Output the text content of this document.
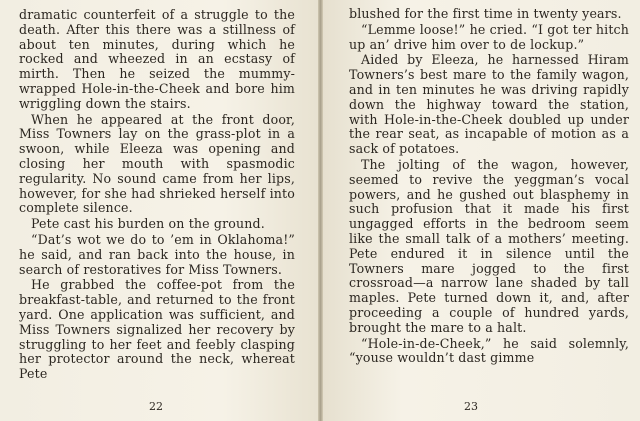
dramatic counterfeit of a struggle to the death. After this there was a stillness of about ten minutes, during which he rocked and wheezed in an ecstasy of mirth. Then he seized the mummy-wrapped Hole-in-the-Cheek and bore him wriggling down the stairs.

When he appeared at the front door, Miss Towners lay on the grass-plot in a swoon, while Eleeza was opening and closing her mouth with spasmodic regularity. No sound came from her lips, however, for she had shrieked herself into complete silence.

Pete cast his burden on the ground.

“Dat’s wot we do to ’em in Oklahoma!” he said, and ran back into the house, in search of restoratives for Miss Towners.

He grabbed the coffee-pot from the breakfast-table, and returned to the front yard. One application was sufficient, and Miss Towners signalized her recovery by struggling to her feet and feebly clasping her protector around the neck, whereat Pete

22

blushed for the first time in twenty years.

“Lemme loose!” he cried. “I got ter hitch up an’ drive him over to de lockup.”

Aided by Eleeza, he harnessed Hiram Towners’s best mare to the family wagon, and in ten minutes he was driving rapidly down the highway toward the station, with Hole-in-the-Cheek doubled up under the rear seat, as incapable of motion as a sack of potatoes.

The jolting of the wagon, however, seemed to revive the yeggman’s vocal powers, and he gushed out blasphemy in such profusion that it made his first ungagged efforts in the bedroom seem like the small talk of a mothers’ meeting. Pete endured it in silence until the Towners mare jogged to the first crossroad—a narrow lane shaded by tall maples. Pete turned down it, and, after proceeding a couple of hundred yards, brought the mare to a halt.

“Hole-in-de-Cheek,” he said solemnly, “youse wouldn’t dast gimme

23
